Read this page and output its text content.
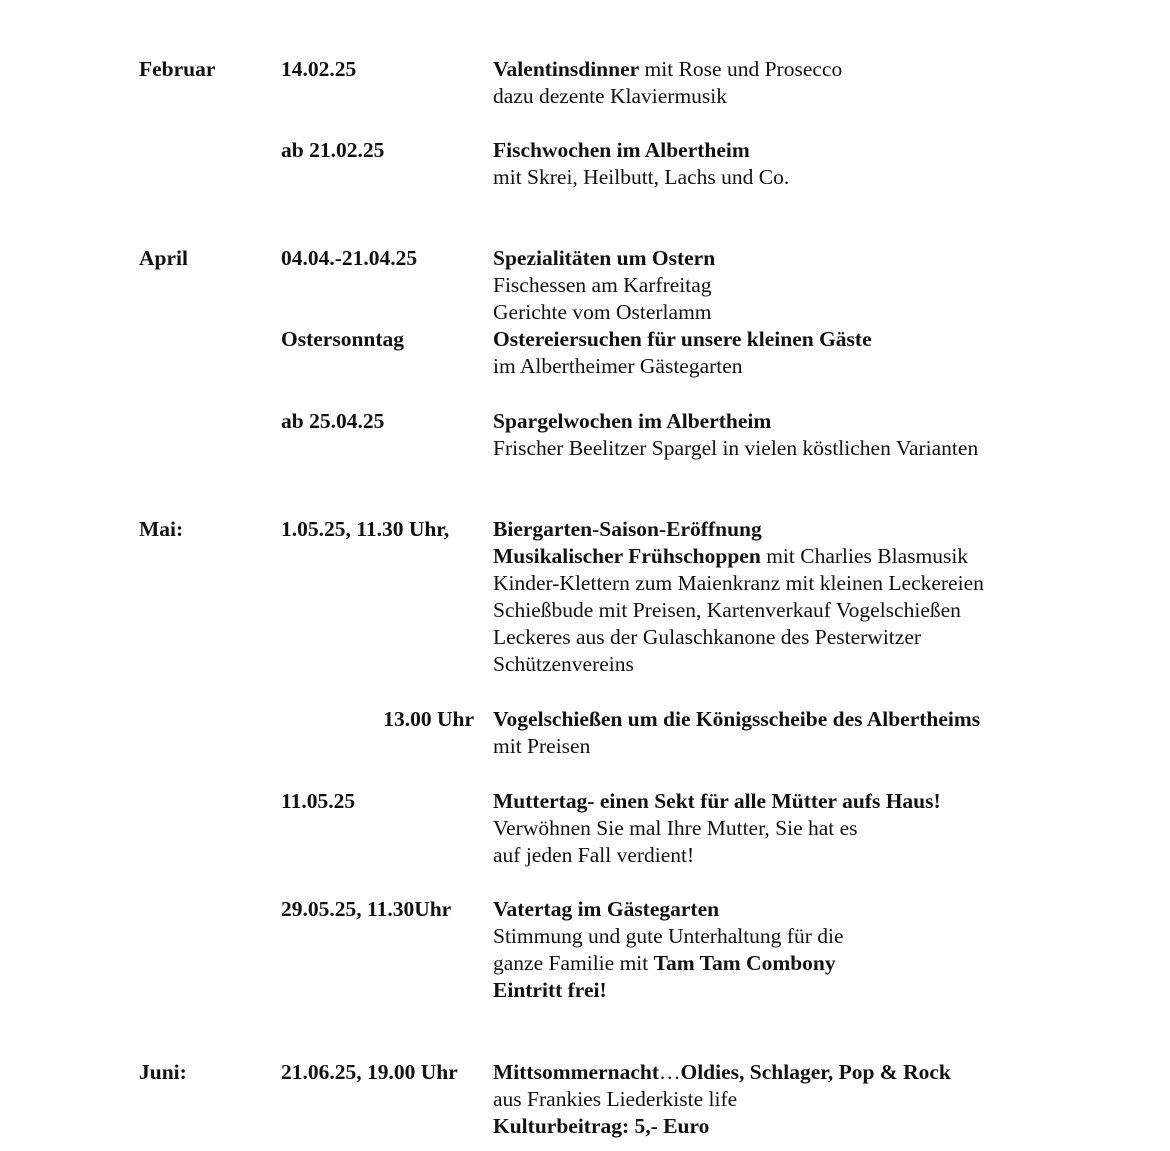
Februar	14.02.25	Valentinsdinner mit Rose und Prosecco
dazu dezente Klaviermusik
ab 21.02.25	Fischwochen im Albertheim
mit Skrei, Heilbutt, Lachs und Co.
April	04.04.-21.04.25	Spezialitäten um Ostern
Fischessen am Karfreitag
Gerichte vom Osterlamm
Ostersonntag	Ostereiersuchen für unsere kleinen Gäste
im Albertheimer Gästegarten
ab 25.04.25	Spargelwochen im Albertheim
Frischer Beelitzer Spargel in vielen köstlichen Varianten
Mai:	1.05.25, 11.30 Uhr, Biergarten-Saison-Eröffnung
Musikalischer Frühschoppen mit Charlies Blasmusik
Kinder-Klettern zum Maienkranz mit kleinen Leckereien
Schießbude mit Preisen, Kartenverkauf Vogelschießen
Leckeres aus der Gulaschkanone des Pesterwitzer
Schützenvereins
13.00 Uhr Vogelschießen um die Königsscheibe des Albertheims
mit Preisen
11.05.25	Muttertag- einen Sekt für alle Mütter aufs Haus!
Verwöhnen Sie mal Ihre Mutter, Sie hat es
auf jeden Fall verdient!
29.05.25, 11.30Uhr Vatertag im Gästegarten
Stimmung und gute Unterhaltung für die
ganze Familie mit Tam Tam Combony
Eintritt frei!
Juni:	21.06.25, 19.00 Uhr Mittsommernacht…Oldies, Schlager, Pop & Rock
aus Frankies Liederkiste life
Kulturbeitrag: 5,- Euro
